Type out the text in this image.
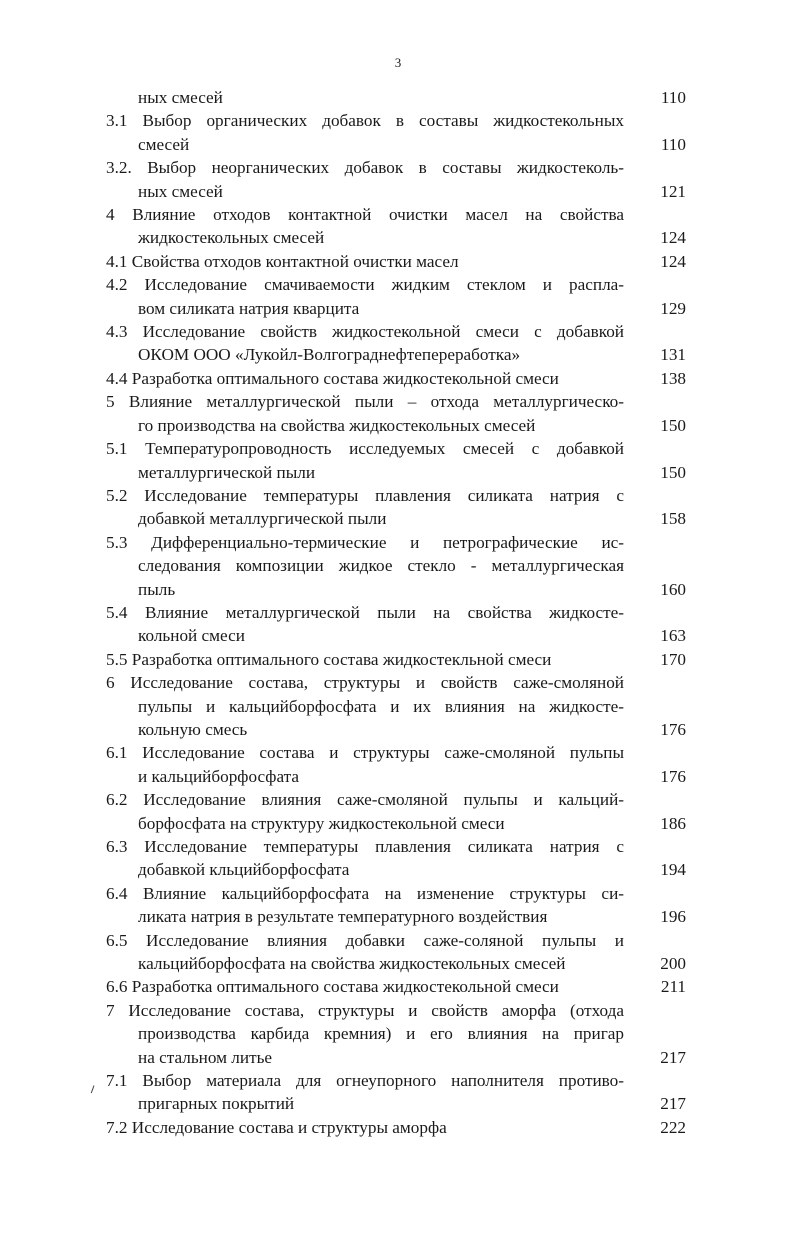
3
ных смесей	110
3.1 Выбор органических добавок в составы жидкостекольных
смесей	110
3.2. Выбор неорганических добавок в составы жидкостеколь-
ных смесей	121
4 Влияние отходов контактной очистки масел на свойства
жидкостекольных смесей	124
4.1 Свойства отходов контактной очистки масел	124
4.2 Исследование смачиваемости жидким стеклом и распла-
вом силиката натрия кварцита	129
4.3 Исследование свойств жидкостекольной смеси с добавкой
ОКОМ ООО «Лукойл-Волгограднефтепереработка»	131
4.4 Разработка оптимального состава жидкостекольной смеси	138
5 Влияние металлургической пыли – отхода металлургическо-
го производства на свойства жидкостекольных смесей	150
5.1 Температуропроводность исследуемых смесей с добавкой
металлургической пыли	150
5.2 Исследование температуры плавления силиката натрия с
добавкой металлургической пыли	158
5.3 Дифференциально-термические и петрографические ис-
следования композиции жидкое стекло - металлургическая
пыль	160
5.4 Влияние металлургической пыли на свойства жидкосте-
кольной смеси	163
5.5 Разработка оптимального состава жидкостекльной смеси	170
6 Исследование состава, структуры и свойств саже-смоляной
пульпы и кальцийборфосфата и их влияния на жидкосте-
кольную смесь	176
6.1 Исследование состава и структуры саже-смоляной пульпы
и кальцийборфосфата	176
6.2 Исследование влияния саже-смоляной пульпы и кальций-
борфосфата на структуру жидкостекольной смеси	186
6.3 Исследование температуры плавления силиката натрия с
добавкой кльцийборфосфата	194
6.4 Влияние кальцийборфосфата на изменение структуры си-
ликата натрия в результате температурного воздействия	196
6.5 Исследование влияния добавки саже-соляной пульпы и
кальцийборфосфата на свойства жидкостекольных смесей	200
6.6 Разработка оптимального состава жидкостекольной смеси	211
7 Исследование состава, структуры и свойств аморфа (отхода
производства карбида кремния) и его влияния на пригар
на стальном литье	217
7.1 Выбор материала для огнеупорного наполнителя противо-
пригарных покрытий	217
7.2 Исследование состава и структуры аморфа	222
